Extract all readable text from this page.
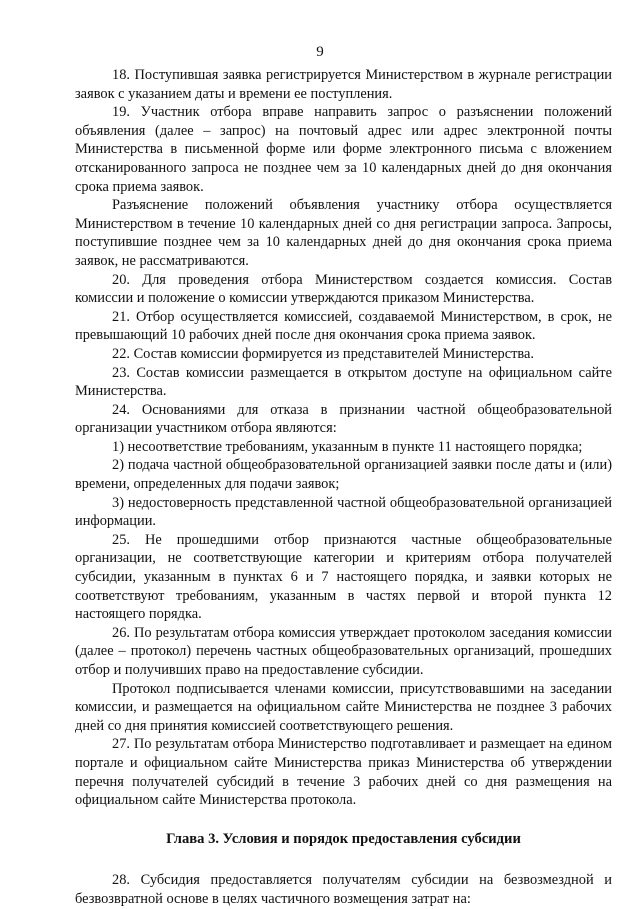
9

18. Поступившая заявка регистрируется Министерством в журнале регистрации заявок с указанием даты и времени ее поступления.

19. Участник отбора вправе направить запрос о разъяснении положений объявления (далее – запрос) на почтовый адрес или адрес электронной почты Министерства в письменной форме или форме электронного письма с вложением отсканированного запроса не позднее чем за 10 календарных дней до дня окончания срока приема заявок.

Разъяснение положений объявления участнику отбора осуществляется Министерством в течение 10 календарных дней со дня регистрации запроса. Запросы, поступившие позднее чем за 10 календарных дней до дня окончания срока приема заявок, не рассматриваются.

20. Для проведения отбора Министерством создается комиссия. Состав комиссии и положение о комиссии утверждаются приказом Министерства.

21. Отбор осуществляется комиссией, создаваемой Министерством, в срок, не превышающий 10 рабочих дней после дня окончания срока приема заявок.

22. Состав комиссии формируется из представителей Министерства.

23. Состав комиссии размещается в открытом доступе на официальном сайте Министерства.

24. Основаниями для отказа в признании частной общеобразовательной организации участником отбора являются:

1) несоответствие требованиям, указанным в пункте 11 настоящего порядка;

2) подача частной общеобразовательной организацией заявки после даты и (или) времени, определенных для подачи заявок;

3) недостоверность представленной частной общеобразовательной организацией информации.

25. Не прошедшими отбор признаются частные общеобразовательные организации, не соответствующие категории и критериям отбора получателей субсидии, указанным в пунктах 6 и 7 настоящего порядка, и заявки которых не соответствуют требованиям, указанным в частях первой и второй пункта 12 настоящего порядка.

26. По результатам отбора комиссия утверждает протоколом заседания комиссии (далее – протокол) перечень частных общеобразовательных организаций, прошедших отбор и получивших право на предоставление субсидии.

Протокол подписывается членами комиссии, присутствовавшими на заседании комиссии, и размещается на официальном сайте Министерства не позднее 3 рабочих дней со дня принятия комиссией соответствующего решения.

27. По результатам отбора Министерство подготавливает и размещает на едином портале и официальном сайте Министерства приказ Министерства об утверждении перечня получателей субсидий в течение 3 рабочих дней со дня размещения на официальном сайте Министерства протокола.

Глава 3. Условия и порядок предоставления субсидии

28. Субсидия предоставляется получателям субсидии на безвозмездной и безвозвратной основе в целях частичного возмещения затрат на:
